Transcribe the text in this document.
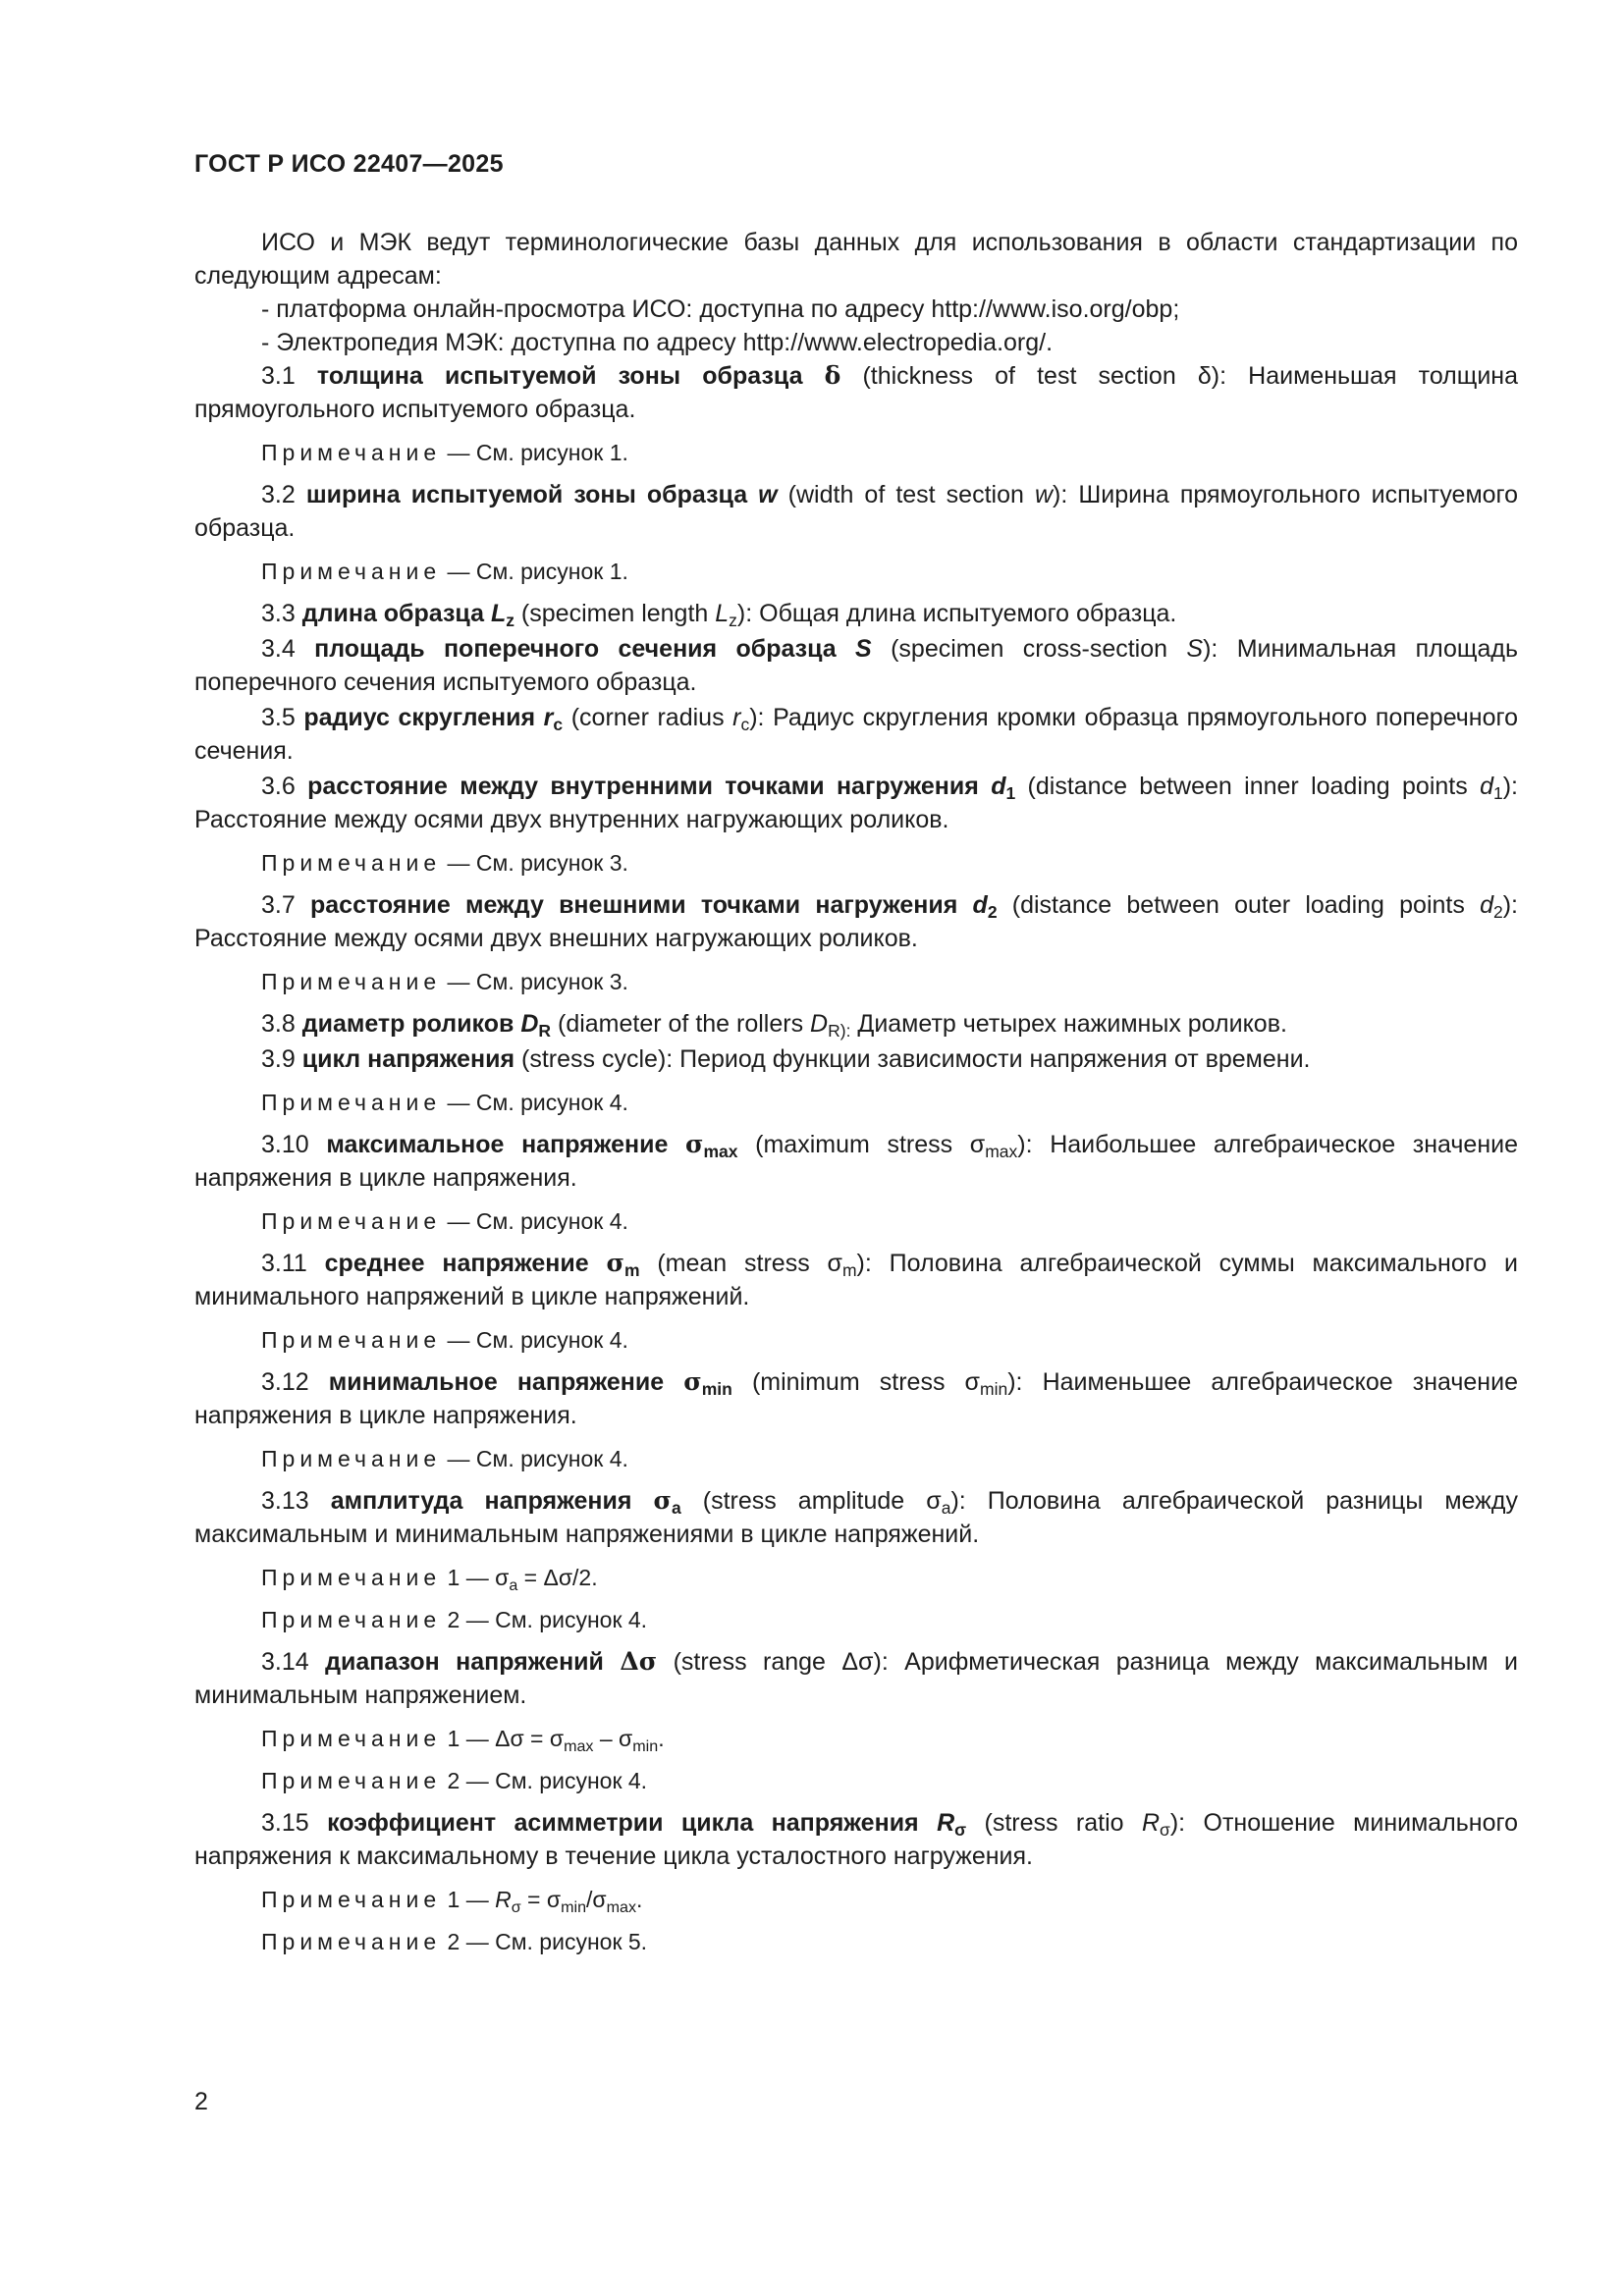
ГОСТ Р ИСО 22407—2025

ИСО и МЭК ведут терминологические базы данных для использования в области стандартизации по следующим адресам:

- платформа онлайн-просмотра ИСО: доступна по адресу http://www.iso.org/obp;

- Электропедия МЭК: доступна по адресу http://www.electropedia.org/.

3.1 толщина испытуемой зоны образца δ (thickness of test section δ): Наименьшая толщина прямоугольного испытуемого образца.

Примечание — См. рисунок 1.

3.2 ширина испытуемой зоны образца w (width of test section w): Ширина прямоугольного испытуемого образца.

Примечание — См. рисунок 1.

3.3 длина образца $L_z$ (specimen length $L_z$): Общая длина испытуемого образца.

3.4 площадь поперечного сечения образца S (specimen cross-section S): Минимальная площадь поперечного сечения испытуемого образца.

3.5 радиус скругления $r_c$ (corner radius $r_c$): Радиус скругления кромки образца прямоугольного поперечного сечения.

3.6 расстояние между внутренними точками нагружения $d_1$ (distance between inner loading points $d_1$): Расстояние между осями двух внутренних нагружающих роликов.

Примечание — См. рисунок 3.

3.7 расстояние между внешними точками нагружения $d_2$ (distance between outer loading points $d_2$): Расстояние между осями двух внешних нагружающих роликов.

Примечание — См. рисунок 3.

3.8 диаметр роликов $D_R$ (diameter of the rollers $D_{R):}$ Диаметр четырех нажимных роликов.

3.9 цикл напряжения (stress cycle): Период функции зависимости напряжения от времени.

Примечание — См. рисунок 4.

3.10 максимальное напряжение $\sigma_{max}$ (maximum stress $\sigma_{max}$): Наибольшее алгебраическое значение напряжения в цикле напряжения.

Примечание — См. рисунок 4.

3.11 среднее напряжение $\sigma_m$ (mean stress $\sigma_m$): Половина алгебраической суммы максимального и минимального напряжений в цикле напряжений.

Примечание — См. рисунок 4.

3.12 минимальное напряжение $\sigma_{min}$ (minimum stress $\sigma_{min}$): Наименьшее алгебраическое значение напряжения в цикле напряжения.

Примечание — См. рисунок 4.

3.13 амплитуда напряжения $\sigma_a$ (stress amplitude $\sigma_a$): Половина алгебраической разницы между максимальным и минимальным напряжениями в цикле напряжений.

Примечание 1 — $\sigma_a = \Delta\sigma/2$.

Примечание 2 — См. рисунок 4.

3.14 диапазон напряжений Δσ (stress range Δσ): Арифметическая разница между максимальным и минимальным напряжением.

Примечание 1 — $\Delta\sigma = \sigma_{max} - \sigma_{min}$.

Примечание 2 — См. рисунок 4.

3.15 коэффициент асимметрии цикла напряжения $R_\sigma$ (stress ratio $R_\sigma$): Отношение минимального напряжения к максимальному в течение цикла усталостного нагружения.

Примечание 1 — $R_\sigma = \sigma_{min}/\sigma_{max}$.

Примечание 2 — См. рисунок 5.

2
